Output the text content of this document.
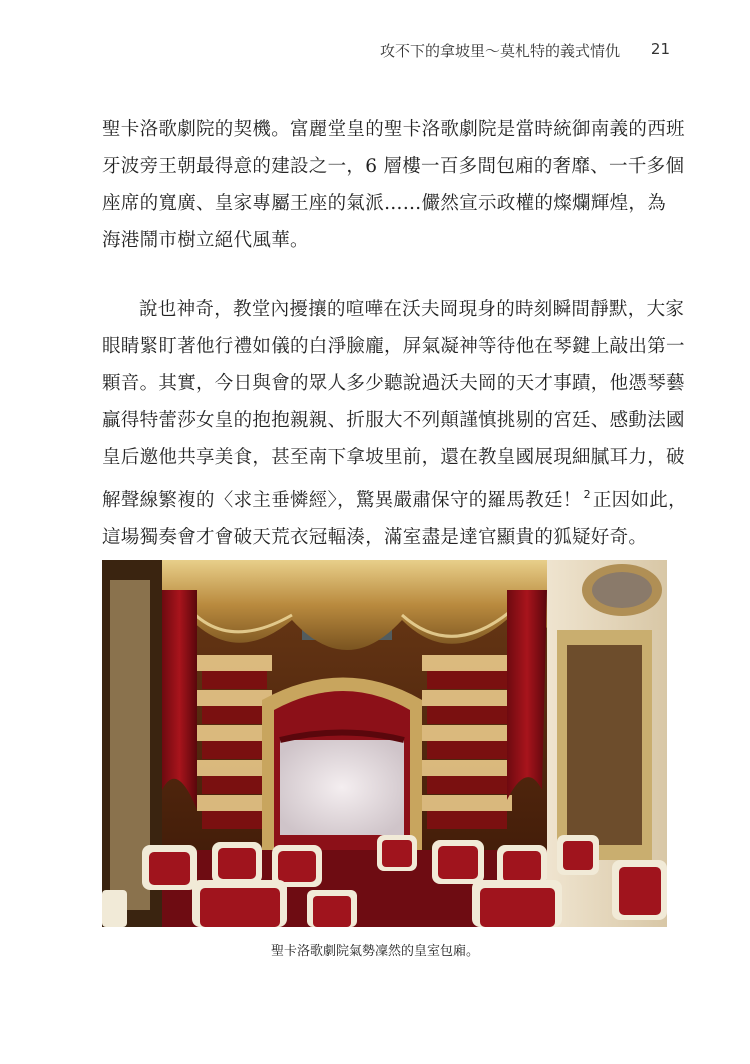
攻不下的拿坡里～莫札特的義式情仇 21
聖卡洛歌劇院的契機。富麗堂皇的聖卡洛歌劇院是當時統御南義的西班
牙波旁王朝最得意的建設之一，6 層樓一百多間包廂的奢靡、一千多個
座席的寬廣、皇家專屬王座的氣派……儼然宣示政權的燦爛輝煌，為
海港鬧市樹立絕代風華。
說也神奇，教堂內擾攘的喧嘩在沃夫岡現身的時刻瞬間靜默，大家
眼睛緊盯著他行禮如儀的白淨臉龐，屏氣凝神等待他在琴鍵上敲出第一
顆音。其實，今日與會的眾人多少聽說過沃夫岡的天才事蹟，他憑琴藝
贏得特蕾莎女皇的抱抱親親、折服大不列顛謹慎挑剔的宮廷、感動法國
皇后邀他共享美食，甚至南下拿坡里前，還在教皇國展現細膩耳力，破
解聲線繁複的〈求主垂憐經〉，驚異嚴肅保守的羅馬教廷！ $^2$ 正因如此，
這場獨奏會才會破天荒衣冠輻湊，滿室盡是達官顯貴的狐疑好奇。
聖卡洛歌劇院氣勢凜然的皇室包廂。
